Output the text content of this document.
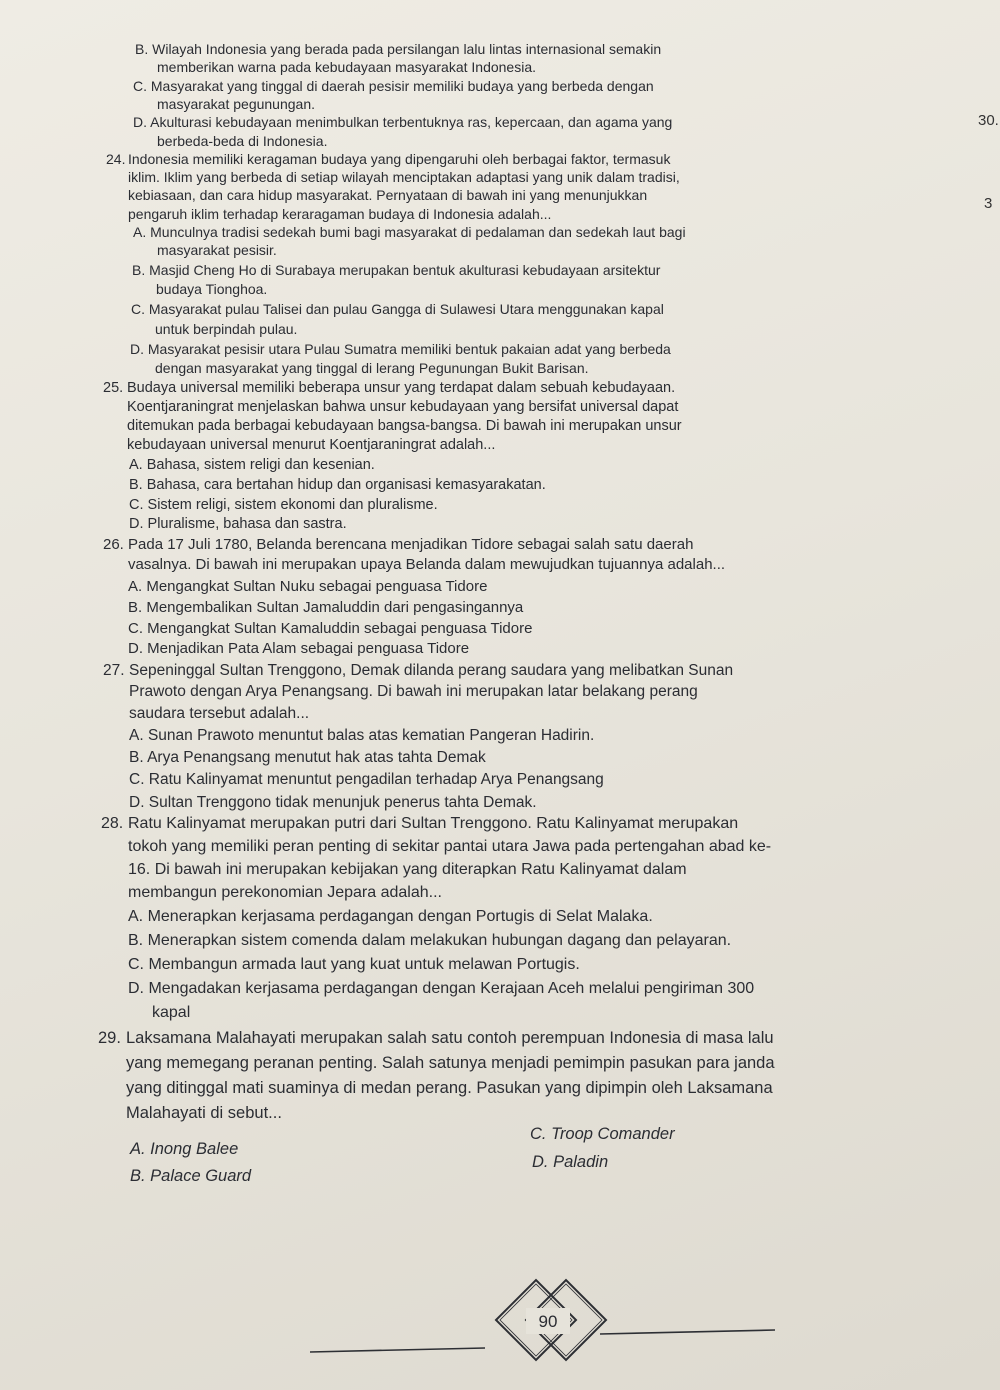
30.
3
B. Wilayah Indonesia yang berada pada persilangan lalu lintas internasional semakin
memberikan warna pada kebudayaan masyarakat Indonesia.
C. Masyarakat yang tinggal di daerah pesisir memiliki budaya yang berbeda dengan
masyarakat pegunungan.
D. Akulturasi kebudayaan menimbulkan terbentuknya ras, kepercaan, dan agama yang
berbeda-beda di Indonesia.
24. Indonesia memiliki keragaman budaya yang dipengaruhi oleh berbagai faktor, termasuk
iklim. Iklim yang berbeda di setiap wilayah menciptakan adaptasi yang unik dalam tradisi,
kebiasaan, dan cara hidup masyarakat. Pernyataan di bawah ini yang menunjukkan
pengaruh iklim terhadap keraragaman budaya di Indonesia adalah...
A. Munculnya tradisi sedekah bumi bagi masyarakat di pedalaman dan sedekah laut bagi
masyarakat pesisir.
B. Masjid Cheng Ho di Surabaya merupakan bentuk akulturasi kebudayaan arsitektur
budaya Tionghoa.
C. Masyarakat pulau Talisei dan pulau Gangga di Sulawesi Utara menggunakan kapal
untuk berpindah pulau.
D. Masyarakat pesisir utara Pulau Sumatra memiliki bentuk pakaian adat yang berbeda
dengan masyarakat yang tinggal di lerang Pegunungan Bukit Barisan.
25. Budaya universal memiliki beberapa unsur yang terdapat dalam sebuah kebudayaan.
Koentjaraningrat menjelaskan bahwa unsur kebudayaan yang bersifat universal dapat
ditemukan pada berbagai kebudayaan bangsa-bangsa. Di bawah ini merupakan unsur
kebudayaan universal menurut Koentjaraningrat adalah...
A. Bahasa, sistem religi dan kesenian.
B. Bahasa, cara bertahan hidup dan organisasi kemasyarakatan.
C. Sistem religi, sistem ekonomi dan pluralisme.
D. Pluralisme, bahasa dan sastra.
26. Pada 17 Juli 1780, Belanda berencana menjadikan Tidore sebagai salah satu daerah
vasalnya. Di bawah ini merupakan upaya Belanda dalam mewujudkan tujuannya adalah...
A. Mengangkat Sultan Nuku sebagai penguasa Tidore
B. Mengembalikan Sultan Jamaluddin dari pengasingannya
C. Mengangkat Sultan Kamaluddin sebagai penguasa Tidore
D. Menjadikan Pata Alam sebagai penguasa Tidore
27. Sepeninggal Sultan Trenggono, Demak dilanda perang saudara yang melibatkan Sunan
Prawoto dengan Arya Penangsang. Di bawah ini merupakan latar belakang perang
saudara tersebut adalah...
A. Sunan Prawoto menuntut balas atas kematian Pangeran Hadirin.
B. Arya Penangsang menutut hak atas tahta Demak
C. Ratu Kalinyamat menuntut pengadilan terhadap Arya Penangsang
D. Sultan Trenggono tidak menunjuk penerus tahta Demak.
28. Ratu Kalinyamat merupakan putri dari Sultan Trenggono. Ratu Kalinyamat merupakan
tokoh yang memiliki peran penting di sekitar pantai utara Jawa pada pertengahan abad ke-
16. Di bawah ini merupakan kebijakan yang diterapkan Ratu Kalinyamat dalam
membangun perekonomian Jepara adalah...
A. Menerapkan kerjasama perdagangan dengan Portugis di Selat Malaka.
B. Menerapkan sistem comenda dalam melakukan hubungan dagang dan pelayaran.
C. Membangun armada laut yang kuat untuk melawan Portugis.
D. Mengadakan kerjasama perdagangan dengan Kerajaan Aceh melalui pengiriman 300
kapal
29. Laksamana Malahayati merupakan salah satu contoh perempuan Indonesia di masa lalu
yang memegang peranan penting. Salah satunya menjadi pemimpin pasukan para janda
yang ditinggal mati suaminya di medan perang. Pasukan yang dipimpin oleh Laksamana
Malahayati di sebut...
A. Inong Balee
B. Palace Guard
C. Troop Comander
D. Paladin
90
